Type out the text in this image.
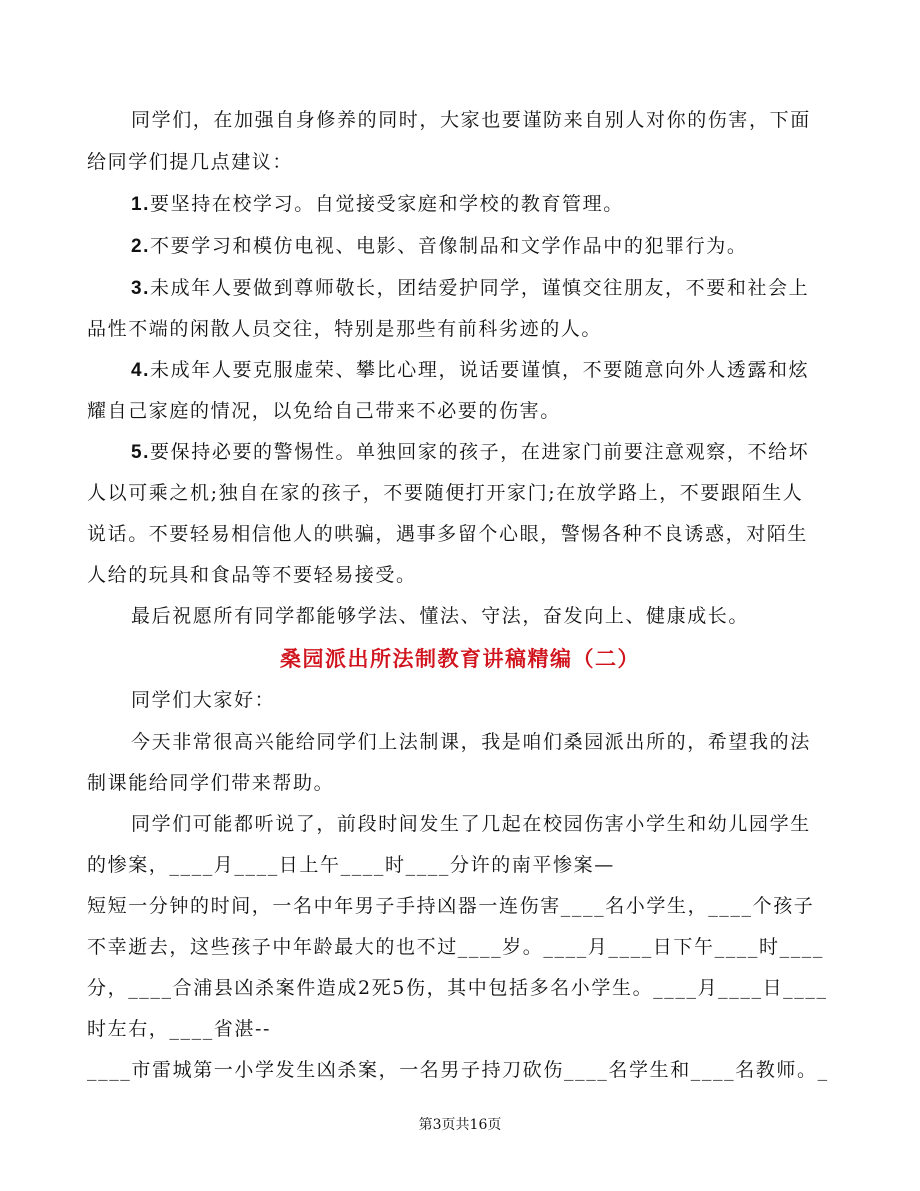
同学们，在加强自身修养的同时，大家也要谨防来自别人对你的伤害，下面
给同学们提几点建议：
1.要坚持在校学习。自觉接受家庭和学校的教育管理。
2.不要学习和模仿电视、电影、音像制品和文学作品中的犯罪行为。
3.未成年人要做到尊师敬长，团结爱护同学，谨慎交往朋友，不要和社会上
品性不端的闲散人员交往，特别是那些有前科劣迹的人。
4.未成年人要克服虚荣、攀比心理，说话要谨慎，不要随意向外人透露和炫
耀自己家庭的情况，以免给自己带来不必要的伤害。
5.要保持必要的警惕性。单独回家的孩子，在进家门前要注意观察，不给坏
人以可乘之机;独自在家的孩子，不要随便打开家门;在放学路上，不要跟陌生人
说话。不要轻易相信他人的哄骗，遇事多留个心眼，警惕各种不良诱惑，对陌生
人给的玩具和食品等不要轻易接受。
最后祝愿所有同学都能够学法、懂法、守法，奋发向上、健康成长。
桑园派出所法制教育讲稿精编（二）
同学们大家好：
今天非常很高兴能给同学们上法制课，我是咱们桑园派出所的，希望我的法
制课能给同学们带来帮助。
同学们可能都听说了，前段时间发生了几起在校园伤害小学生和幼儿园学生
的惨案，____月____日上午____时____分许的南平惨案—
短短一分钟的时间，一名中年男子手持凶器一连伤害____名小学生，____个孩子
不幸逝去，这些孩子中年龄最大的也不过____岁。____月____日下午____时____
分，____合浦县凶杀案件造成2死5伤，其中包括多名小学生。____月____日____
时左右，____省湛--
____市雷城第一小学发生凶杀案，一名男子持刀砍伤____名学生和____名教师。_
第3页共16页
